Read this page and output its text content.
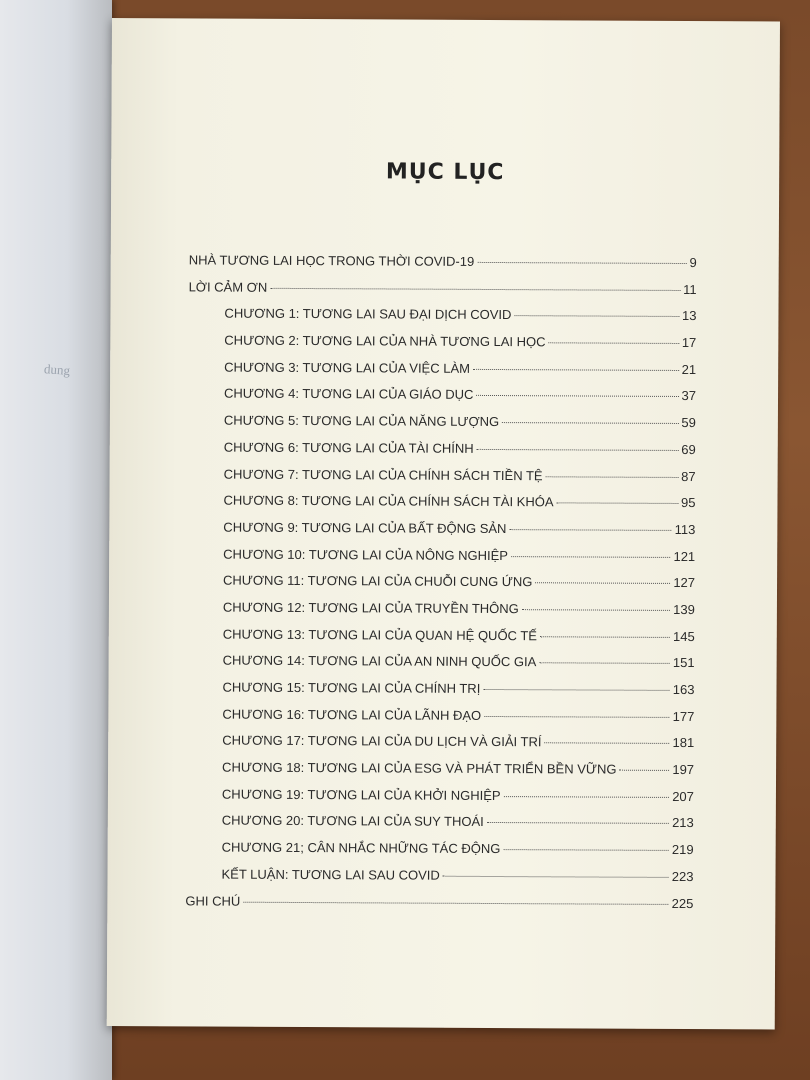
dung
MỤC LỤC
NHÀ TƯƠNG LAI HỌC TRONG THỜI COVID-19	9
LỜI CẢM ƠN	11
CHƯƠNG 1: TƯƠNG LAI SAU ĐẠI DỊCH COVID	13
CHƯƠNG 2: TƯƠNG LAI CỦA NHÀ TƯƠNG LAI HỌC	17
CHƯƠNG 3: TƯƠNG LAI CỦA VIỆC LÀM	21
CHƯƠNG 4: TƯƠNG LAI CỦA GIÁO DỤC	37
CHƯƠNG 5: TƯƠNG LAI CỦA NĂNG LƯỢNG	59
CHƯƠNG 6: TƯƠNG LAI CỦA TÀI CHÍNH	69
CHƯƠNG 7: TƯƠNG LAI CỦA CHÍNH SÁCH TIỀN TỆ	87
CHƯƠNG 8: TƯƠNG LAI CỦA CHÍNH SÁCH TÀI KHÓA	95
CHƯƠNG 9: TƯƠNG LAI CỦA BẤT ĐỘNG SẢN	113
CHƯƠNG 10: TƯƠNG LAI CỦA NÔNG NGHIỆP	121
CHƯƠNG 11: TƯƠNG LAI CỦA CHUỖI CUNG ỨNG	127
CHƯƠNG 12: TƯƠNG LAI CỦA TRUYỀN THÔNG	139
CHƯƠNG 13: TƯƠNG LAI CỦA QUAN HỆ QUỐC TẾ	145
CHƯƠNG 14: TƯƠNG LAI CỦA AN NINH QUỐC GIA	151
CHƯƠNG 15: TƯƠNG LAI CỦA CHÍNH TRỊ	163
CHƯƠNG 16: TƯƠNG LAI CỦA LÃNH ĐẠO	177
CHƯƠNG 17: TƯƠNG LAI CỦA DU LỊCH VÀ GIẢI TRÍ	181
CHƯƠNG 18: TƯƠNG LAI CỦA ESG VÀ PHÁT TRIỂN BỀN VỮNG	197
CHƯƠNG 19: TƯƠNG LAI CỦA KHỞI NGHIỆP	207
CHƯƠNG 20: TƯƠNG LAI CỦA SUY THOÁI	213
CHƯƠNG 21; CÂN NHẮC NHỮNG TÁC ĐỘNG	219
KẾT LUẬN: TƯƠNG LAI SAU COVID	223
GHI CHÚ	225
